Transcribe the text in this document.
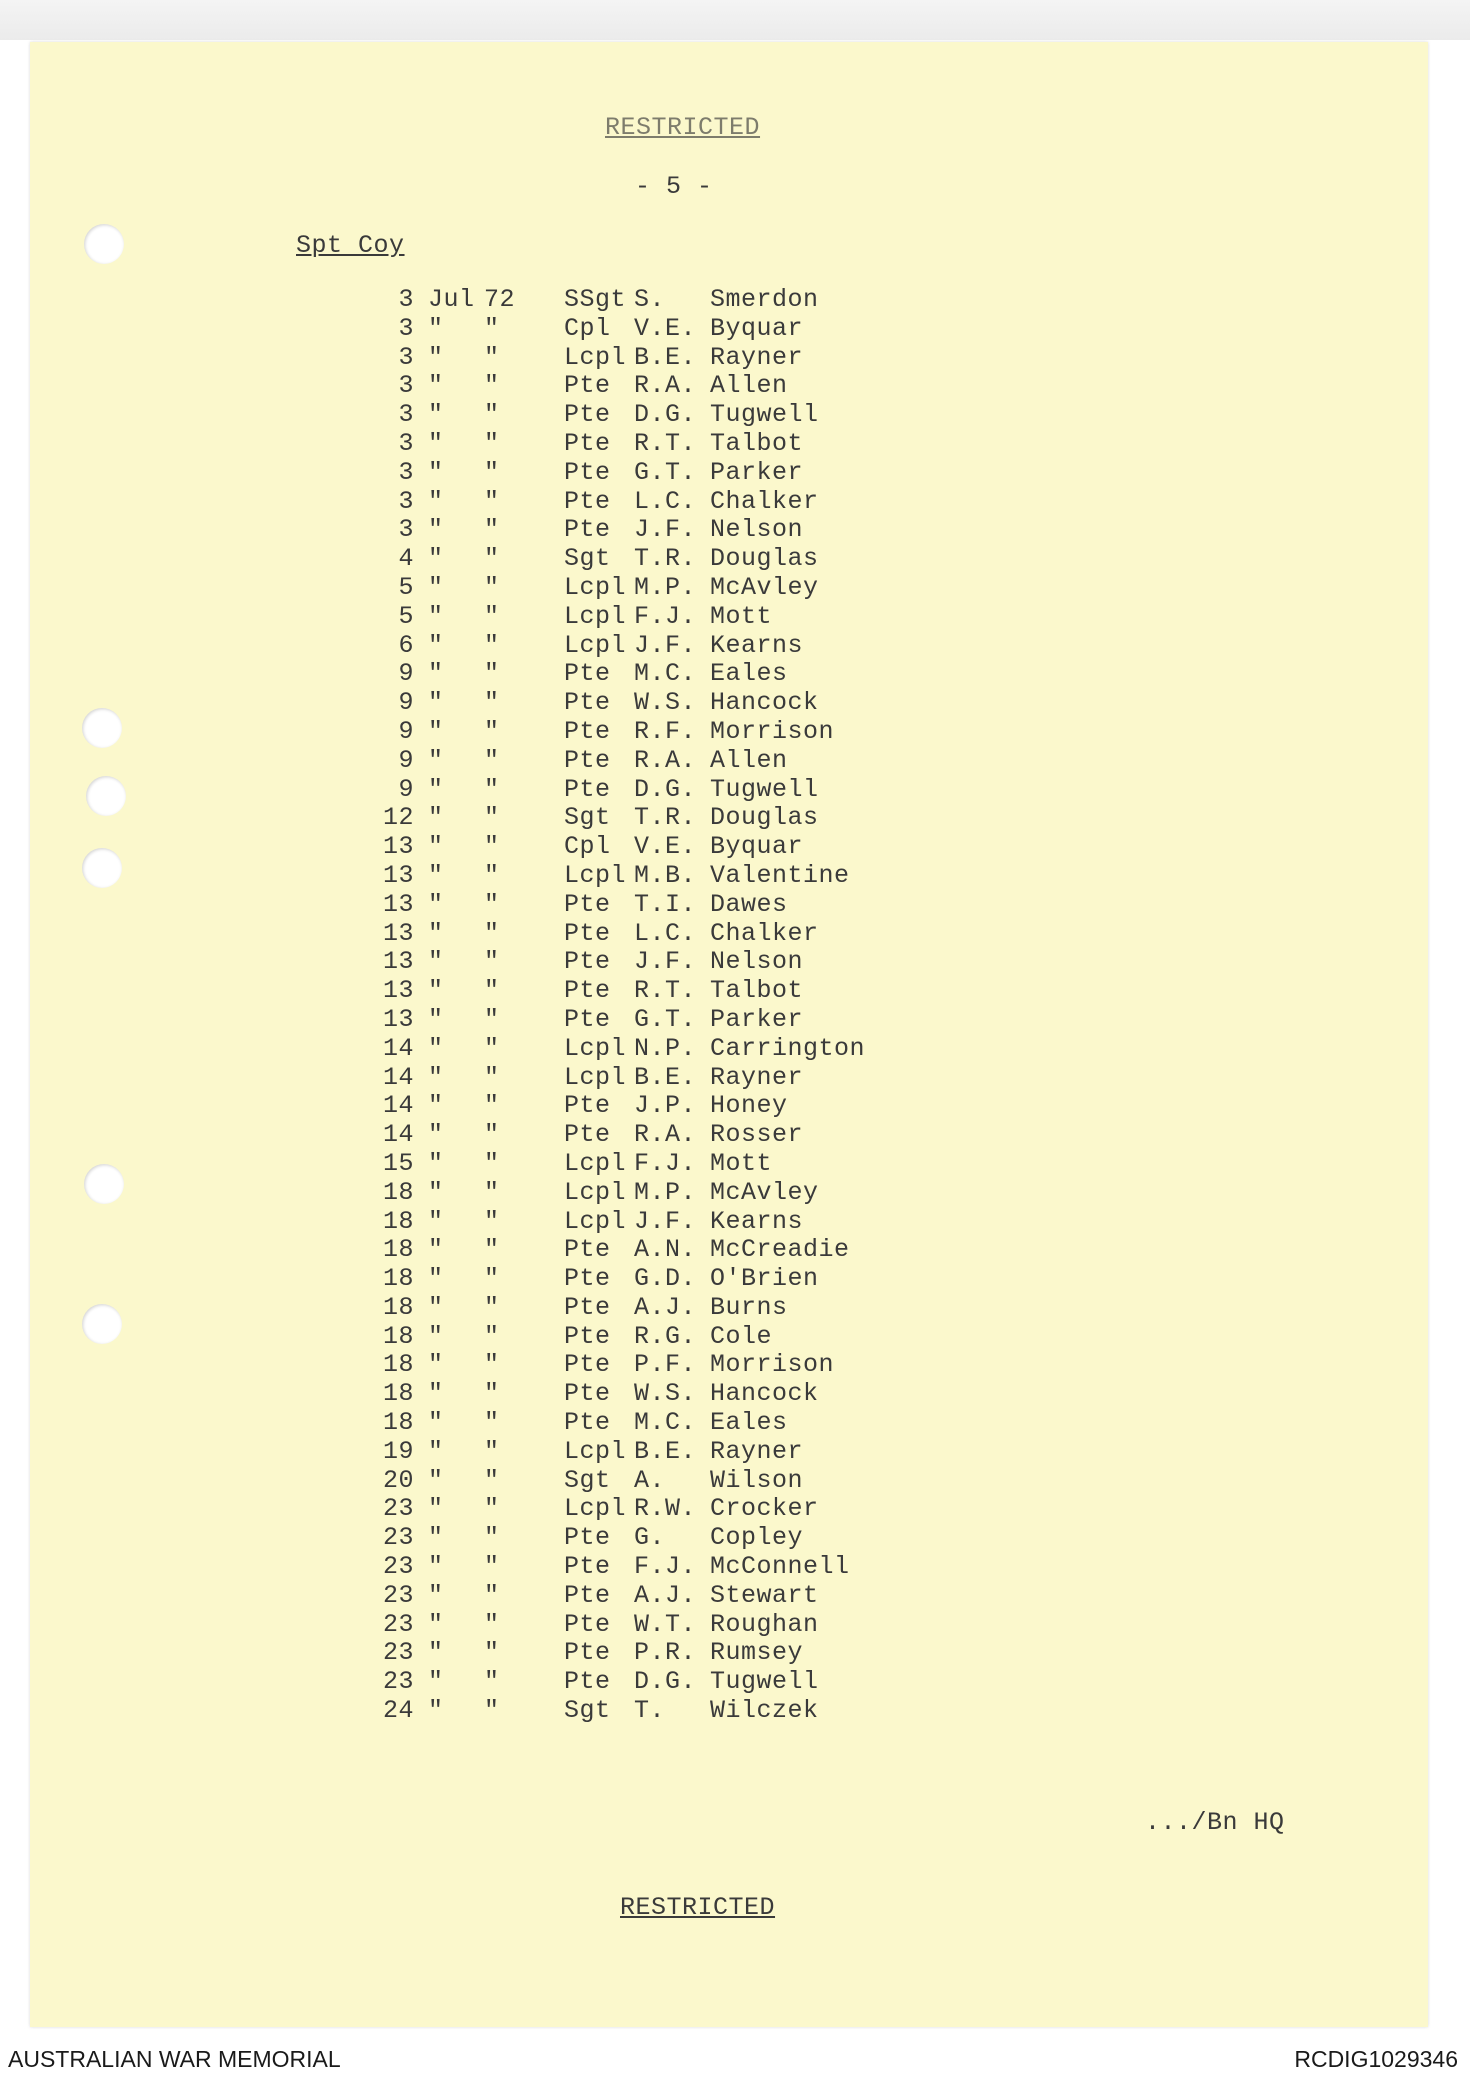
RESTRICTED
- 5 -
Spt Coy
3	Jul	72	SSgt	S.	Smerdon
3	"	"	Cpl	V.E.	Byquar
3	"	"	Lcpl	B.E.	Rayner
3	"	"	Pte	R.A.	Allen
3	"	"	Pte	D.G.	Tugwell
3	"	"	Pte	R.T.	Talbot
3	"	"	Pte	G.T.	Parker
3	"	"	Pte	L.C.	Chalker
3	"	"	Pte	J.F.	Nelson
4	"	"	Sgt	T.R.	Douglas
5	"	"	Lcpl	M.P.	McAvley
5	"	"	Lcpl	F.J.	Mott
6	"	"	Lcpl	J.F.	Kearns
9	"	"	Pte	M.C.	Eales
9	"	"	Pte	W.S.	Hancock
9	"	"	Pte	R.F.	Morrison
9	"	"	Pte	R.A.	Allen
9	"	"	Pte	D.G.	Tugwell
12	"	"	Sgt	T.R.	Douglas
13	"	"	Cpl	V.E.	Byquar
13	"	"	Lcpl	M.B.	Valentine
13	"	"	Pte	T.I.	Dawes
13	"	"	Pte	L.C.	Chalker
13	"	"	Pte	J.F.	Nelson
13	"	"	Pte	R.T.	Talbot
13	"	"	Pte	G.T.	Parker
14	"	"	Lcpl	N.P.	Carrington
14	"	"	Lcpl	B.E.	Rayner
14	"	"	Pte	J.P.	Honey
14	"	"	Pte	R.A.	Rosser
15	"	"	Lcpl	F.J.	Mott
18	"	"	Lcpl	M.P.	McAvley
18	"	"	Lcpl	J.F.	Kearns
18	"	"	Pte	A.N.	McCreadie
18	"	"	Pte	G.D.	O'Brien
18	"	"	Pte	A.J.	Burns
18	"	"	Pte	R.G.	Cole
18	"	"	Pte	P.F.	Morrison
18	"	"	Pte	W.S.	Hancock
18	"	"	Pte	M.C.	Eales
19	"	"	Lcpl	B.E.	Rayner
20	"	"	Sgt	A.	Wilson
23	"	"	Lcpl	R.W.	Crocker
23	"	"	Pte	G.	Copley
23	"	"	Pte	F.J.	McConnell
23	"	"	Pte	A.J.	Stewart
23	"	"	Pte	W.T.	Roughan
23	"	"	Pte	P.R.	Rumsey
23	"	"	Pte	D.G.	Tugwell
24	"	"	Sgt	T.	Wilczek
.../Bn HQ
RESTRICTED
AUSTRALIAN WAR MEMORIAL	RCDIG1029346
